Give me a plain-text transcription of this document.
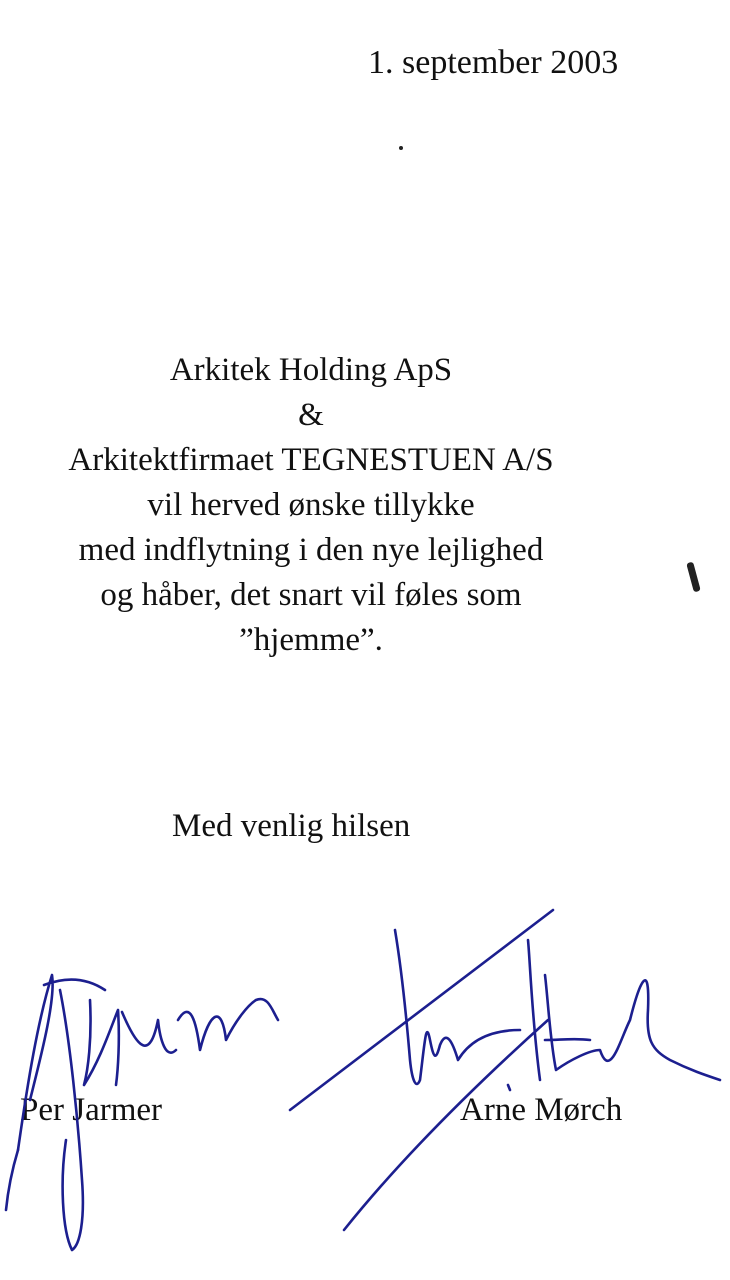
1. september 2003
Arkitek Holding ApS
&
Arkitektfirmaet TEGNESTUEN A/S
vil herved ønske tillykke
med indflytning i den nye lejlighed
og håber, det snart vil føles som
”hjemme”.
Med venlig hilsen
Per Jarmer	Arne Mørch
